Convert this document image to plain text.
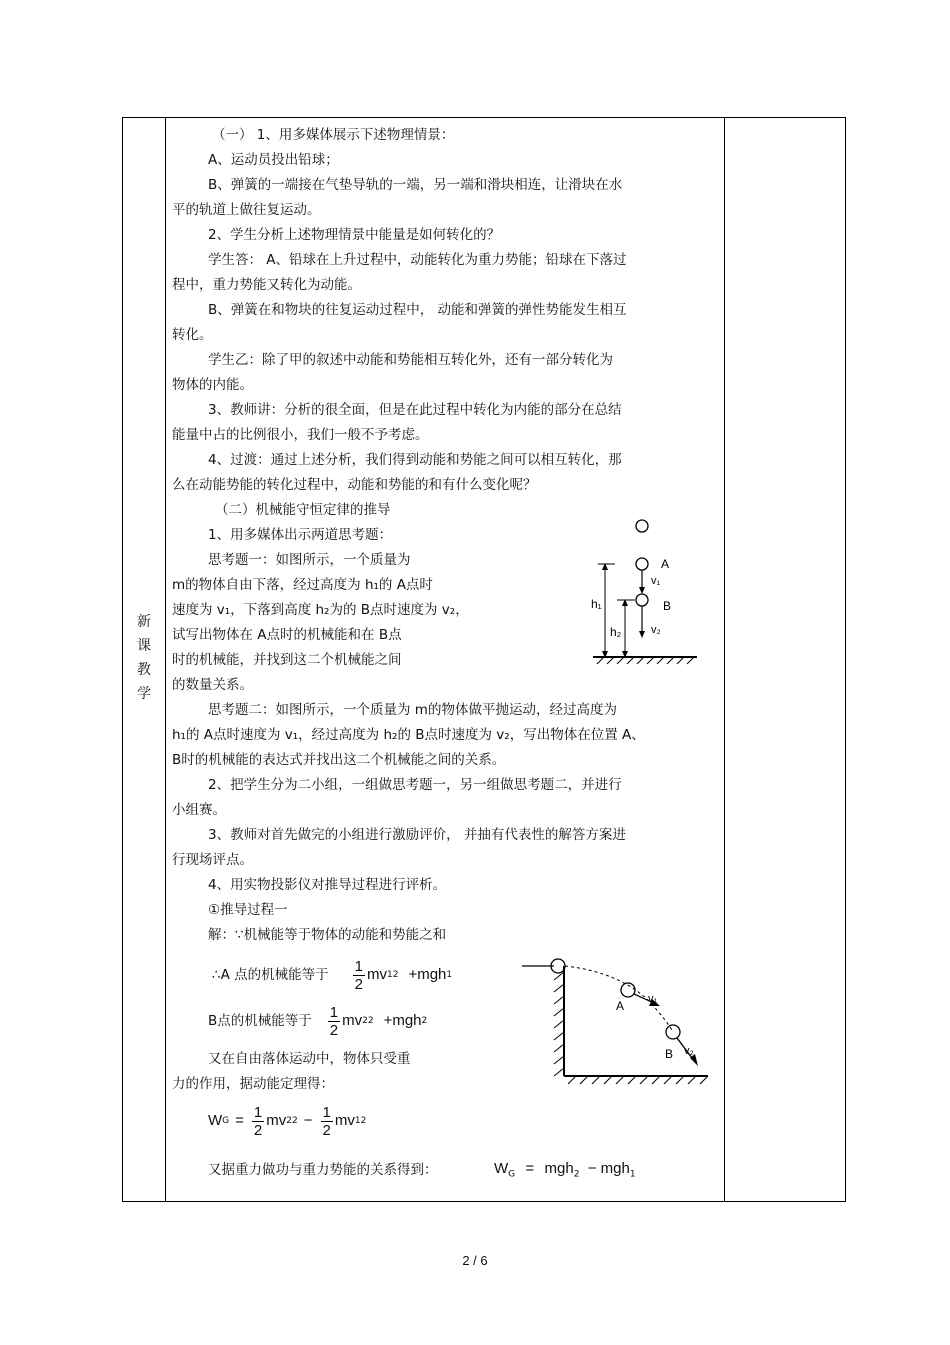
新
课
教
学
（一） 1、用多媒体展示下述物理情景：
A、运动员投出铅球；
B、弹簧的一端接在气垫导轨的一端，另一端和滑块相连，让滑块在水
平的轨道上做往复运动。
2、学生分析上述物理情景中能量是如何转化的？
学生答： A、铅球在上升过程中，动能转化为重力势能；铅球在下落过
程中，重力势能又转化为动能。
B、弹簧在和物块的往复运动过程中， 动能和弹簧的弹性势能发生相互
转化。
学生乙：除了甲的叙述中动能和势能相互转化外，还有一部分转化为
物体的内能。
3、教师讲：分析的很全面，但是在此过程中转化为内能的部分在总结
能量中占的比例很小，我们一般不予考虑。
4、过渡：通过上述分析，我们得到动能和势能之间可以相互转化，那
么在动能势能的转化过程中，动能和势能的和有什么变化呢？
（二）机械能守恒定律的推导
1、用多媒体出示两道思考题：
思考题一：如图所示，一个质量为
m的物体自由下落，经过高度为 h₁的 A点时
速度为 v₁，下落到高度 h₂为的 B点时速度为 v₂，
试写出物体在 A点时的机械能和在 B点
时的机械能，并找到这二个机械能之间
的数量关系。
思考题二：如图所示，一个质量为 m的物体做平抛运动，经过高度为
h₁的 A点时速度为 v₁，经过高度为 h₂的 B点时速度为 v₂，写出物体在位置 A、
B时的机械能的表达式并找出这二个机械能之间的关系。
2、把学生分为二小组，一组做思考题一，另一组做思考题二，并进行
小组赛。
3、教师对首先做完的小组进行激励评价， 并抽有代表性的解答方案进
行现场评点。
4、用实物投影仪对推导过程进行评析。
①推导过程一
解：∵机械能等于物体的动能和势能之和
∴A 点的机械能等于 $\frac{1}{2}$ mv 1 2 +mgh 1
B点的机械能等于 $\frac{1}{2}$ mv 2 2 +mgh 2
又在自由落体运动中，物体只受重
力的作用，据动能定理得：
W $G = \frac{1}{2}$ mv 2 $2 - \frac{1}{2}$ mv 1 2
又据重力做功与重力势能的关系得到：	$W_G = mgh_2 - mgh_1$
A
v₁
B
v₂
h₁
h₂
A v₁
B v₂
2 / 6
